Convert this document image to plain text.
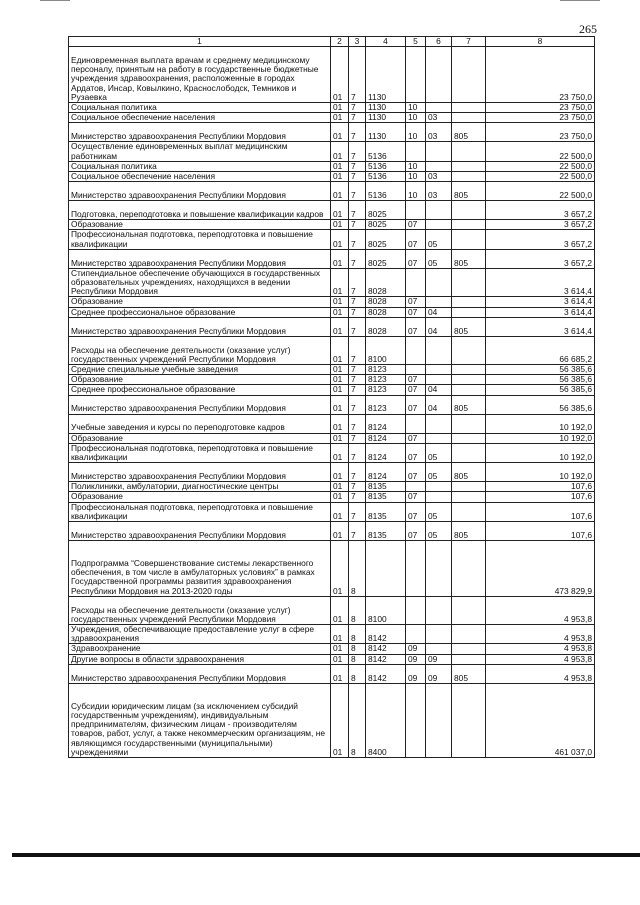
265
1	2	3	4	5	6	7	8
Единовременная выплата врачам и среднему медицинскому персоналу, принятым на работу в государственные бюджетные учреждения здравоохранения, расположенные в городах Ардатов, Инсар, Ковылкино, Краснослободск, Темников и Рузаевка	01	7	1130				23 750,0
Социальная политика	01	7	1130	10			23 750,0
Социальное обеспечение населения	01	7	1130	10	03		23 750,0
Министерство здравоохранения Республики Мордовия	01	7	1130	10	03	805	23 750,0
Осуществление единовременных выплат медицинским работникам	01	7	5136				22 500,0
Социальная политика	01	7	5136	10			22 500,0
Социальное обеспечение населения	01	7	5136	10	03		22 500,0
Министерство здравоохранения Республики Мордовия	01	7	5136	10	03	805	22 500,0
Подготовка, переподготовка и повышение квалификации кадров	01	7	8025				3 657,2
Образование	01	7	8025	07			3 657,2
Профессиональная подготовка, переподготовка и повышение квалификации	01	7	8025	07	05		3 657,2
Министерство здравоохранения Республики Мордовия	01	7	8025	07	05	805	3 657,2
Стипендиальное обеспечение обучающихся в государственных образовательных учреждениях, находящихся в ведении Республики Мордовия	01	7	8028				3 614,4
Образование	01	7	8028	07			3 614,4
Среднее профессиональное образование	01	7	8028	07	04		3 614,4
Министерство здравоохранения Республики Мордовия	01	7	8028	07	04	805	3 614,4
Расходы на обеспечение деятельности (оказание услуг) государственных учреждений Республики Мордовия	01	7	8100				66 685,2
Средние специальные учебные заведения	01	7	8123				56 385,6
Образование	01	7	8123	07			56 385,6
Среднее профессиональное образование	01	7	8123	07	04		56 385,6
Министерство здравоохранения Республики Мордовия	01	7	8123	07	04	805	56 385,6
Учебные заведения и курсы по переподготовке кадров	01	7	8124				10 192,0
Образование	01	7	8124	07			10 192,0
Профессиональная подготовка, переподготовка и повышение квалификации	01	7	8124	07	05		10 192,0
Министерство здравоохранения Республики Мордовия	01	7	8124	07	05	805	10 192,0
Поликлиники, амбулатории, диагностические центры	01	7	8135				107,6
Образование	01	7	8135	07			107,6
Профессиональная подготовка, переподготовка и повышение квалификации	01	7	8135	07	05		107,6
Министерство здравоохранения Республики Мордовия	01	7	8135	07	05	805	107,6
Подпрограмма “Совершенствование системы лекарственного обеспечения, в том числе в амбулаторных условиях” в рамках Государственной программы развития здравоохранения Республики Мордовия на 2013-2020 годы	01	8					473 829,9
Расходы на обеспечение деятельности (оказание услуг) государственных учреждений Республики Мордовия	01	8	8100				4 953,8
Учреждения, обеспечивающие предоставление услуг в сфере здравоохранения	01	8	8142				4 953,8
Здравоохранение	01	8	8142	09			4 953,8
Другие вопросы в области здравоохранения	01	8	8142	09	09		4 953,8
Министерство здравоохранения Республики Мордовия	01	8	8142	09	09	805	4 953,8
Субсидии юридическим лицам (за исключением субсидий государственным учреждениям), индивидуальным предпринимателям, физическим лицам - производителям товаров, работ, услуг, а также некоммерческим организациям, не являющимся государственными (муниципальными) учреждениями	01	8	8400				461 037,0
